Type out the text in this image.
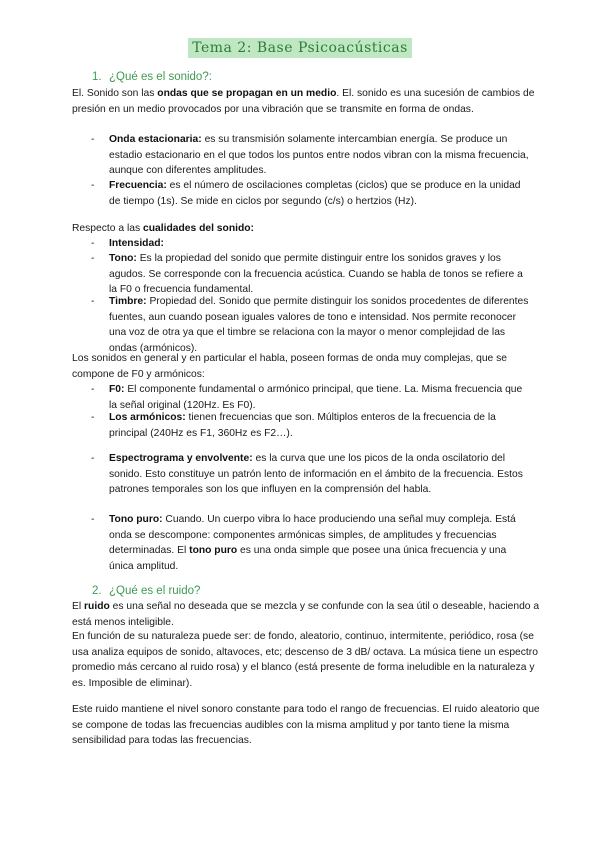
Tema 2: Base Psicoacústicas
1. ¿Qué es el sonido?:
El. Sonido son las ondas que se propagan en un medio. El. sonido es una sucesión de cambios de presión en un medio provocados por una vibración que se transmite en forma de ondas.
- Onda estacionaria: es su transmisión solamente intercambian energía. Se produce un estadio estacionario en el que todos los puntos entre nodos vibran con la misma frecuencia, aunque con diferentes amplitudes.
- Frecuencia: es el número de oscilaciones completas (ciclos) que se produce en la unidad de tiempo (1s). Se mide en ciclos por segundo (c/s) o hertzios (Hz).
Respecto a las cualidades del sonido:
- Intensidad:
- Tono: Es la propiedad del sonido que permite distinguir entre los sonidos graves y los agudos. Se corresponde con la frecuencia acústica. Cuando se habla de tonos se refiere a la F0 o frecuencia fundamental.
- Timbre: Propiedad del. Sonido que permite distinguir los sonidos procedentes de diferentes fuentes, aun cuando posean iguales valores de tono e intensidad. Nos permite reconocer una voz de otra ya que el timbre se relaciona con la mayor o menor complejidad de las ondas (armónicos).
Los sonidos en general y en particular el habla, poseen formas de onda muy complejas, que se compone de F0 y armónicos:
- F0: El componente fundamental o armónico principal, que tiene. La. Misma frecuencia que la señal original (120Hz. Es F0).
- Los armónicos: tienen frecuencias que son. Múltiplos enteros de la frecuencia de la principal (240Hz es F1, 360Hz es F2…).
- Espectrograma y envolvente: es la curva que une los picos de la onda oscilatorio del sonido. Esto constituye un patrón lento de información en el ámbito de la frecuencia. Estos patrones temporales son los que influyen en la comprensión del habla.
- Tono puro: Cuando. Un cuerpo vibra lo hace produciendo una señal muy compleja. Está onda se descompone: componentes armónicas simples, de amplitudes y frecuencias determinadas. El tono puro es una onda simple que posee una única frecuencia y una única amplitud.
2. ¿Qué es el ruido?
El ruido es una señal no deseada que se mezcla y se confunde con la sea útil o deseable, haciendo a está menos inteligible.
En función de su naturaleza puede ser: de fondo, aleatorio, continuo, intermitente, periódico, rosa (se usa analiza equipos de sonido, altavoces, etc; descenso de 3 dB/ octava. La música tiene un espectro promedio más cercano al ruido rosa) y el blanco (está presente de forma ineludible en la naturaleza y es. Imposible de eliminar).
Este ruido mantiene el nivel sonoro constante para todo el rango de frecuencias. El ruido aleatorio que se compone de todas las frecuencias audibles con la misma amplitud y por tanto tiene la misma sensibilidad para todas las frecuencias.
